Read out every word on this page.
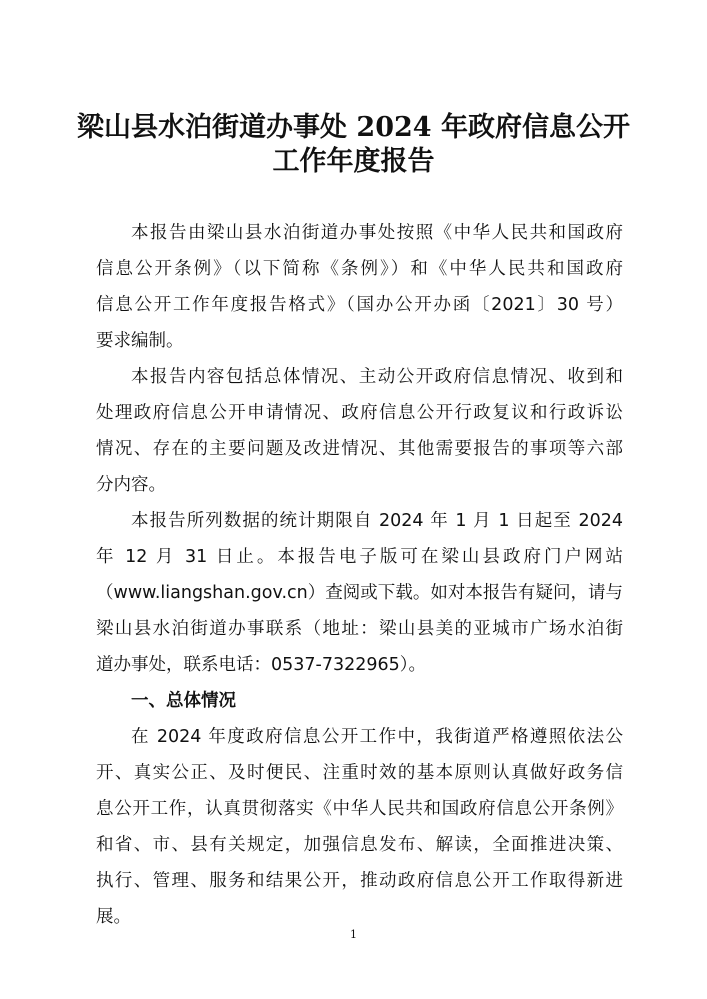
梁山县水泊街道办事处 2024 年政府信息公开
工作年度报告
本报告由梁山县水泊街道办事处按照《中华人民共和国政府
信息公开条例》（以下简称《条例》）和《中华人民共和国政府
信息公开工作年度报告格式》（国办公开办函〔2021〕30 号）
要求编制。
本报告内容包括总体情况、主动公开政府信息情况、收到和
处理政府信息公开申请情况、政府信息公开行政复议和行政诉讼
情况、存在的主要问题及改进情况、其他需要报告的事项等六部
分内容。
本报告所列数据的统计期限自 2024 年 1 月 1 日起至 2024
年 12 月 31 日止。本报告电子版可在梁山县政府门户网站
（www.liangshan.gov.cn）查阅或下载。如对本报告有疑问，请与
梁山县水泊街道办事联系（地址：梁山县美的亚城市广场水泊街
道办事处，联系电话：0537-7322965）。
一、总体情况
在 2024 年度政府信息公开工作中，我街道严格遵照依法公
开、真实公正、及时便民、注重时效的基本原则认真做好政务信
息公开工作，认真贯彻落实《中华人民共和国政府信息公开条例》
和省、市、县有关规定，加强信息发布、解读，全面推进决策、
执行、管理、服务和结果公开，推动政府信息公开工作取得新进
展。
1
